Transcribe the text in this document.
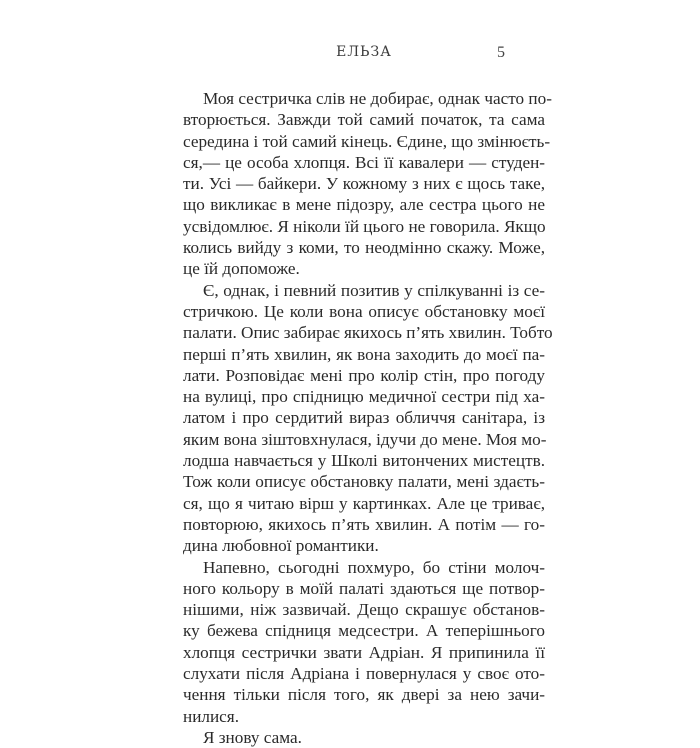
ЕЛЬЗА	5
Моя сестричка слів не добирає, однак часто по-
вторюється. Завжди той самий початок, та сама
середина і той самий кінець. Єдине, що змінюєть-
ся,— це особа хлопця. Всі її кавалери — студен-
ти. Усі — байкери. У кожному з них є щось таке,
що викликає в мене підозру, але сестра цього не
усвідомлює. Я ніколи їй цього не говорила. Якщо
колись вийду з коми, то неодмінно скажу. Може,
це їй допоможе.
Є, однак, і певний позитив у спілкуванні із се-
стричкою. Це коли вона описує обстановку моєї
палати. Опис забирає якихось п’ять хвилин. Тобто
перші п’ять хвилин, як вона заходить до моєї па-
лати. Розповідає мені про колір стін, про погоду
на вулиці, про спідницю медичної сестри під ха-
латом і про сердитий вираз обличчя санітара, із
яким вона зіштовхнулася, ідучи до мене. Моя мо-
лодша навчається у Школі витончених мистецтв.
Тож коли описує обстановку палати, мені здаєть-
ся, що я читаю вірш у картинках. Але це триває,
повторюю, якихось п’ять хвилин. А потім — го-
дина любовної романтики.
Напевно, сьогодні похмуро, бо стіни молоч-
ного кольору в моїй палаті здаються ще потвор-
нішими, ніж зазвичай. Дещо скрашує обстанов-
ку бежева спідниця медсестри. А теперішнього
хлопця сестрички звати Адріан. Я припинила її
слухати після Адріана і повернулася у своє ото-
чення тільки після того, як двері за нею зачи-
нилися.
Я знову сама.
